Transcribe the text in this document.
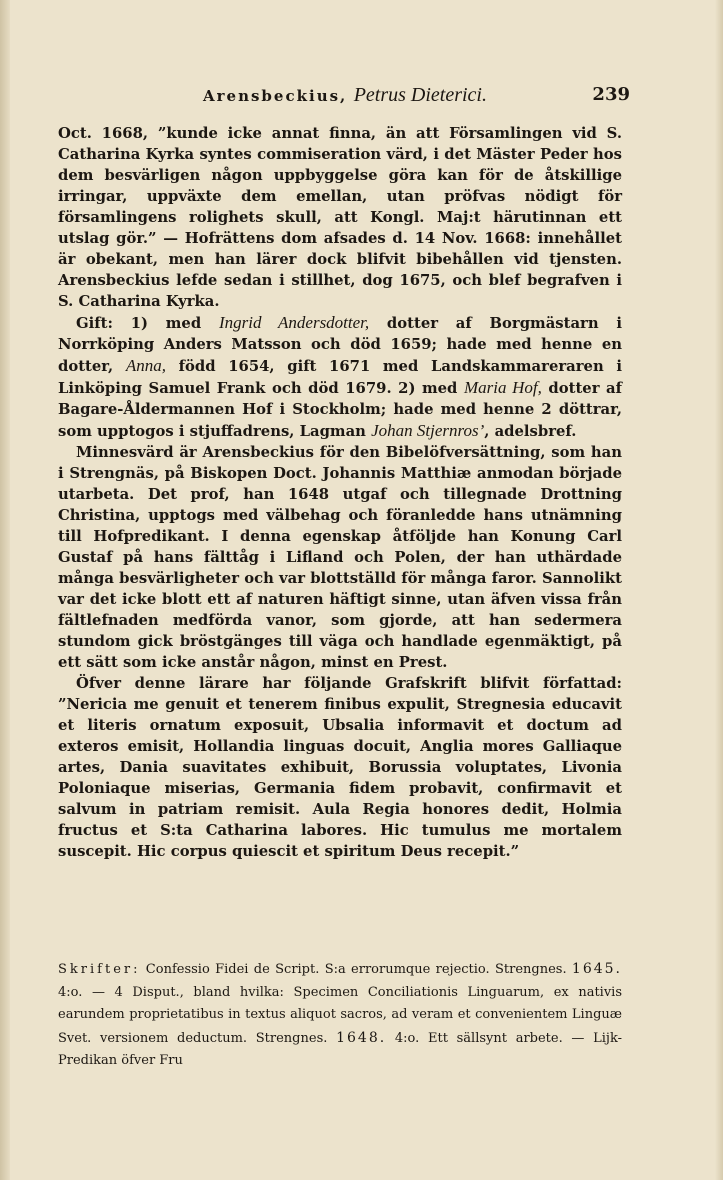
Arensbeckius, Petrus Dieterici.	239

Oct. 1668, ”kunde icke annat finna, än att Församlingen vid S. Catharina Kyrka syntes commiseration värd, i det Mäster Peder hos dem besvärligen någon uppbyggelse göra kan för de åtskillige irringar, uppväxte dem emellan, utan pröfvas nödigt för församlingens rolighets skull, att Kongl. Maj:t härutinnan ett utslag gör.” — Hofrättens dom afsades d. 14 Nov. 1668: innehållet är obekant, men han lärer dock blifvit bibehållen vid tjensten. Arensbeckius lefde sedan i stillhet, dog 1675, och blef begrafven i S. Catharina Kyrka.

Gift: 1) med Ingrid Andersdotter, dotter af Borgmästarn i Norrköping Anders Matsson och död 1659; hade med henne en dotter, Anna, född 1654, gift 1671 med Landskammareraren i Linköping Samuel Frank och död 1679. 2) med Maria Hof, dotter af Bagare-Åldermannen Hof i Stockholm; hade med henne 2 döttrar, som upptogos i stjuffadrens, Lagman Johan Stjernros’, adelsbref.

Minnesvärd är Arensbeckius för den Bibelöfversättning, som han i Strengnäs, på Biskopen Doct. Johannis Matthiæ anmodan började utarbeta. Det prof, han 1648 utgaf och tillegnade Drottning Christina, upptogs med välbehag och föranledde hans utnämning till Hofpredikant. I denna egenskap åtföljde han Konung Carl Gustaf på hans fälttåg i Lifland och Polen, der han uthärdade många besvärligheter och var blottställd för många faror. Sannolikt var det icke blott ett af naturen häftigt sinne, utan äfven vissa från fältlefnaden medförda vanor, som gjorde, att han sedermera stundom gick bröstgänges till väga och handlade egenmäktigt, på ett sätt som icke anstår någon, minst en Prest.

Öfver denne lärare har följande Grafskrift blifvit författad: ”Nericia me genuit et tenerem finibus expulit, Stregnesia educavit et literis ornatum exposuit, Ubsalia informavit et doctum ad exteros emisit, Hollandia linguas docuit, Anglia mores Galliaque artes, Dania suavitates exhibuit, Borussia voluptates, Livonia Poloniaque miserias, Germania fidem probavit, confirmavit et salvum in patriam remisit. Aula Regia honores dedit, Holmia fructus et S:ta Catharina labores. Hic tumulus me mortalem suscepit. Hic corpus quiescit et spiritum Deus recepit.”

Skrifter: Confessio Fidei de Script. S:a errorumque rejectio. Strengnes. 1645. 4:o. — 4 Disput., bland hvilka: Specimen Conciliationis Linguarum, ex nativis earundem proprietatibus in textus aliquot sacros, ad veram et convenientem Linguæ Svet. versionem deductum. Strengnes. 1648. 4:o. Ett sällsynt arbete. — Lijk-Predikan öfver Fru
